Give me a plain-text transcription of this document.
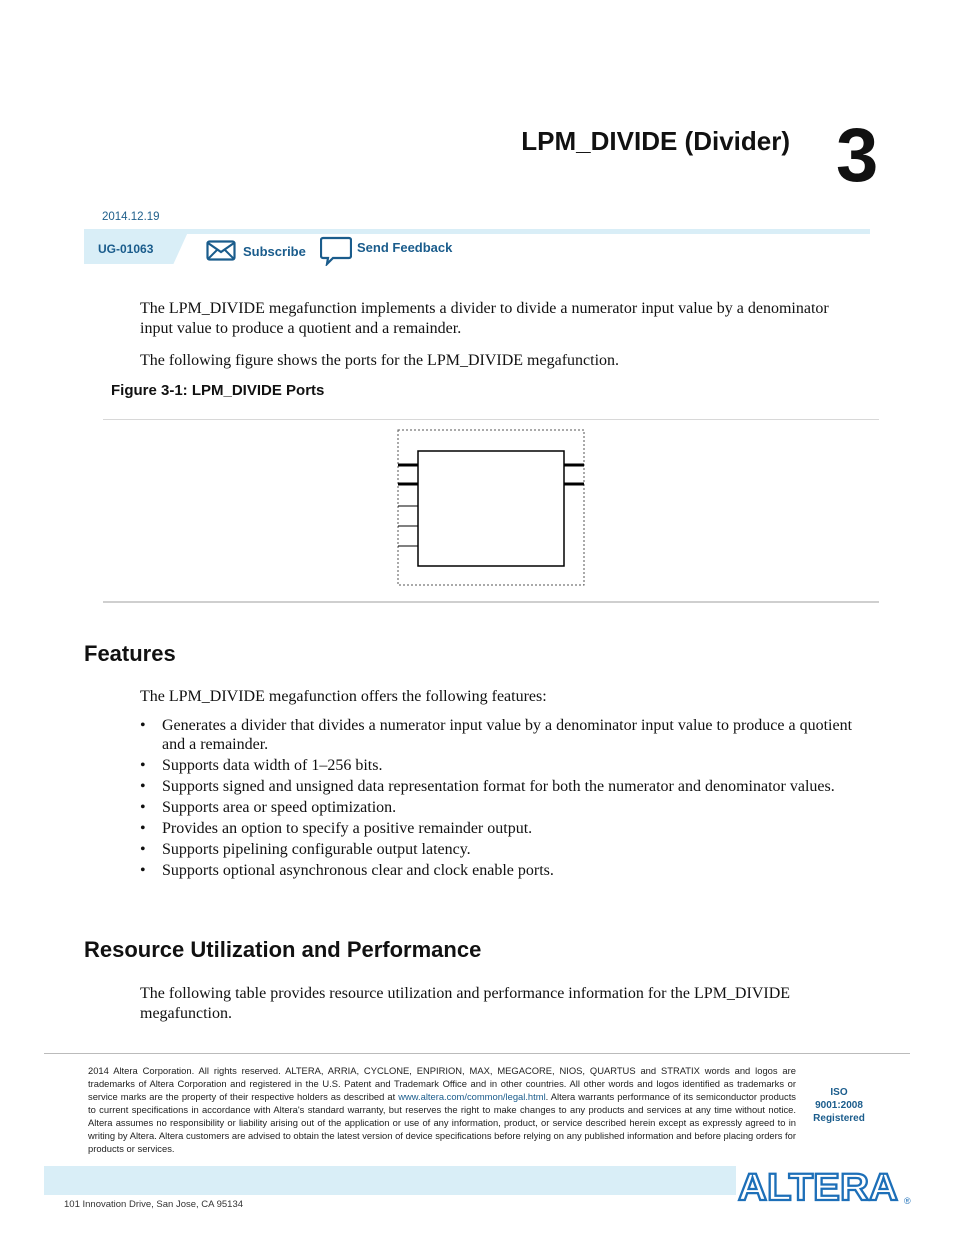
LPM_DIVIDE (Divider) 3
2014.12.19
UG-01063	Subscribe	Send Feedback
The LPM_DIVIDE megafunction implements a divider to divide a numerator input value by a denominator input value to produce a quotient and a remainder.
The following figure shows the ports for the LPM_DIVIDE megafunction.
Figure 3-1: LPM_DIVIDE Ports
Features
The LPM_DIVIDE megafunction offers the following features:
• Generates a divider that divides a numerator input value by a denominator input value to produce a quotient and a remainder.
• Supports data width of 1–256 bits.
• Supports signed and unsigned data representation format for both the numerator and denominator values.
• Supports area or speed optimization.
• Provides an option to specify a positive remainder output.
• Supports pipelining configurable output latency.
• Supports optional asynchronous clear and clock enable ports.
Resource Utilization and Performance
The following table provides resource utilization and performance information for the LPM_DIVIDE megafunction.
2014 Altera Corporation. All rights reserved. ALTERA, ARRIA, CYCLONE, ENPIRION, MAX, MEGACORE, NIOS, QUARTUS and STRATIX words and logos are trademarks of Altera Corporation and registered in the U.S. Patent and Trademark Office and in other countries. All other words and logos identified as trademarks or service marks are the property of their respective holders as described at www.altera.com/common/legal.html. Altera warrants performance of its semiconductor products to current specifications in accordance with Altera's standard warranty, but reserves the right to make changes to any products and services at any time without notice. Altera assumes no responsibility or liability arising out of the application or use of any information, product, or service described herein except as expressly agreed to in writing by Altera. Altera customers are advised to obtain the latest version of device specifications before relying on any published information and before placing orders for products or services.
ISO
9001:2008
Registered
101 Innovation Drive, San Jose, CA 95134	ALTERA ®
